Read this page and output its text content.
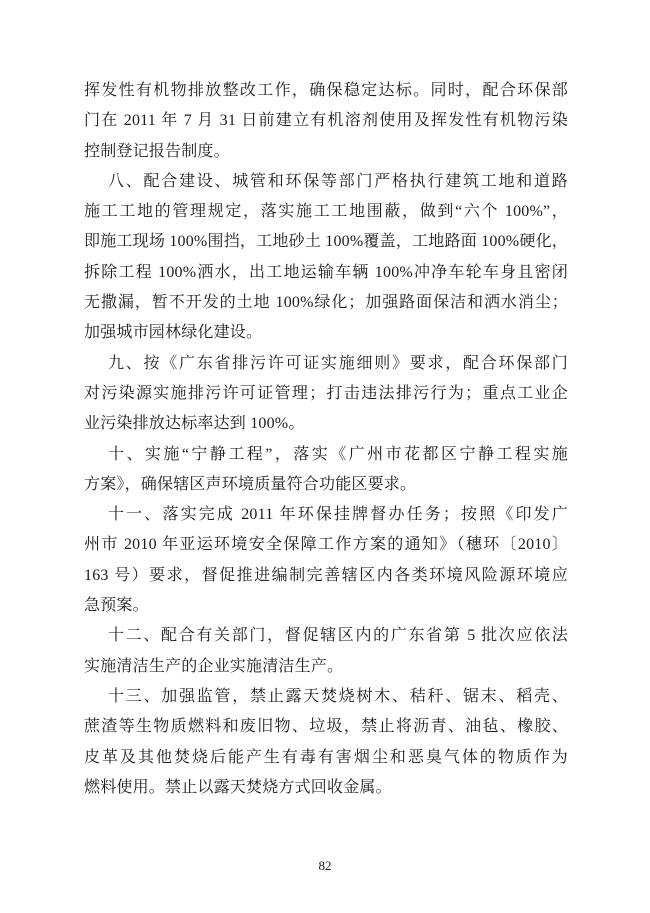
挥发性有机物排放整改工作，确保稳定达标。同时，配合环保部
门在 2011 年 7 月 31 日前建立有机溶剂使用及挥发性有机物污染
控制登记报告制度。
八、配合建设、城管和环保等部门严格执行建筑工地和道路
施工工地的管理规定，落实施工工地围蔽，做到“六个 100%”，
即施工现场 100%围挡，工地砂土 100%覆盖，工地路面 100%硬化，
拆除工程 100%洒水，出工地运输车辆 100%冲净车轮车身且密闭
无撒漏，暂不开发的土地 100%绿化；加强路面保洁和洒水消尘；
加强城市园林绿化建设。
九、按《广东省排污许可证实施细则》要求，配合环保部门
对污染源实施排污许可证管理；打击违法排污行为；重点工业企
业污染排放达标率达到 100%。
十、实施“宁静工程”，落实《广州市花都区宁静工程实施
方案》，确保辖区声环境质量符合功能区要求。
十一、落实完成 2011 年环保挂牌督办任务；按照《印发广
州市 2010 年亚运环境安全保障工作方案的通知》（穗环〔2010〕
163 号）要求，督促推进编制完善辖区内各类环境风险源环境应
急预案。
十二、配合有关部门，督促辖区内的广东省第 5 批次应依法
实施清洁生产的企业实施清洁生产。
十三、加强监管，禁止露天焚烧树木、秸秆、锯末、稻壳、
蔗渣等生物质燃料和废旧物、垃圾，禁止将沥青、油毡、橡胶、
皮革及其他焚烧后能产生有毒有害烟尘和恶臭气体的物质作为
燃料使用。禁止以露天焚烧方式回收金属。
82
